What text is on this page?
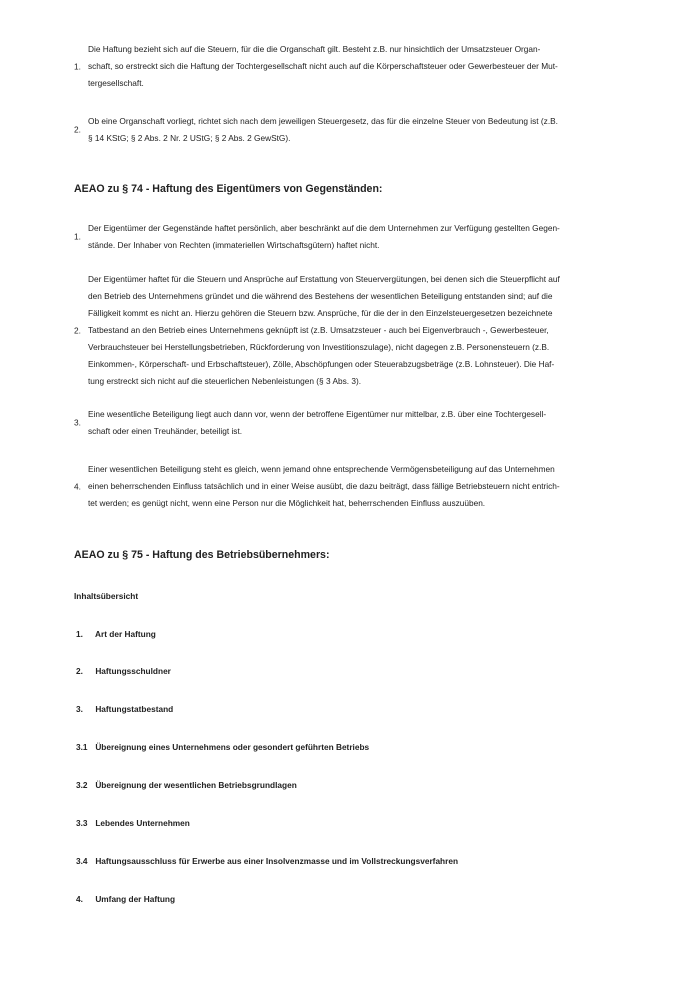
1.
Die Haftung bezieht sich auf die Steuern, für die die Organschaft gilt. Besteht z.B. nur hinsichtlich der Umsatzsteuer Organ-
schaft, so erstreckt sich die Haftung der Tochtergesellschaft nicht auch auf die Körperschaftsteuer oder Gewerbesteuer der Mut-
tergesellschaft.
2.
Ob eine Organschaft vorliegt, richtet sich nach dem jeweiligen Steuergesetz, das für die einzelne Steuer von Bedeutung ist (z.B.
§ 14 KStG; § 2 Abs. 2 Nr. 2 UStG; § 2 Abs. 2 GewStG).
AEAO zu § 74 - Haftung des Eigentümers von Gegenständen:
1.
Der Eigentümer der Gegenstände haftet persönlich, aber beschränkt auf die dem Unternehmen zur Verfügung gestellten Gegen-
stände. Der Inhaber von Rechten (immateriellen Wirtschaftsgütern) haftet nicht.
2.
Der Eigentümer haftet für die Steuern und Ansprüche auf Erstattung von Steuervergütungen, bei denen sich die Steuerpflicht auf
den Betrieb des Unternehmens gründet und die während des Bestehens der wesentlichen Beteiligung entstanden sind; auf die
Fälligkeit kommt es nicht an. Hierzu gehören die Steuern bzw. Ansprüche, für die der in den Einzelsteuergesetzen bezeichnete
Tatbestand an den Betrieb eines Unternehmens geknüpft ist (z.B. Umsatzsteuer - auch bei Eigenverbrauch -, Gewerbesteuer,
Verbrauchsteuer bei Herstellungsbetrieben, Rückforderung von Investitionszulage), nicht dagegen z.B. Personensteuern (z.B.
Einkommen-, Körperschaft- und Erbschaftsteuer), Zölle, Abschöpfungen oder Steuerabzugsbeträge (z.B. Lohnsteuer). Die Haf-
tung erstreckt sich nicht auf die steuerlichen Nebenleistungen (§ 3 Abs. 3).
3.
Eine wesentliche Beteiligung liegt auch dann vor, wenn der betroffene Eigentümer nur mittelbar, z.B. über eine Tochtergesell-
schaft oder einen Treuhänder, beteiligt ist.
4.
Einer wesentlichen Beteiligung steht es gleich, wenn jemand ohne entsprechende Vermögensbeteiligung auf das Unternehmen
einen beherrschenden Einfluss tatsächlich und in einer Weise ausübt, die dazu beiträgt, dass fällige Betriebsteuern nicht entrich-
tet werden; es genügt nicht, wenn eine Person nur die Möglichkeit hat, beherrschenden Einfluss auszuüben.
AEAO zu § 75 - Haftung des Betriebsübernehmers:
Inhaltsübersicht
1. Art der Haftung
2. Haftungsschuldner
3. Haftungstatbestand
3.1 Übereignung eines Unternehmens oder gesondert geführten Betriebs
3.2 Übereignung der wesentlichen Betriebsgrundlagen
3.3 Lebendes Unternehmen
3.4 Haftungsausschluss für Erwerbe aus einer Insolvenzmasse und im Vollstreckungsverfahren
4. Umfang der Haftung
